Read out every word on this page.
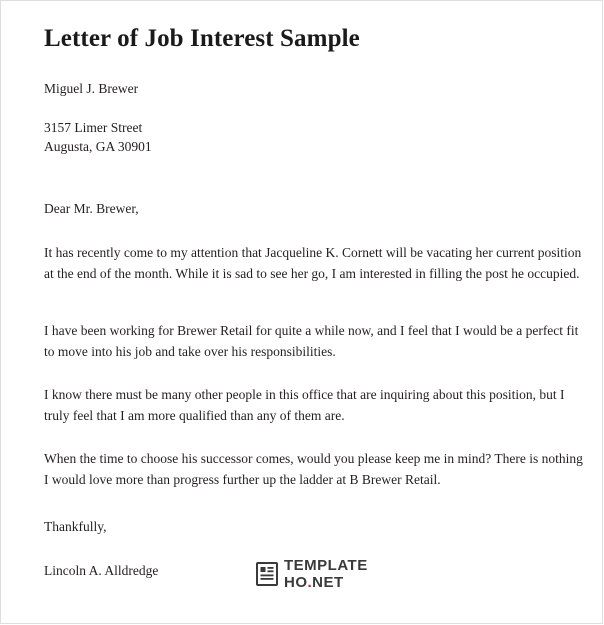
Letter of Job Interest Sample
Miguel J. Brewer
3157 Limer Street
Augusta, GA 30901
Dear Mr. Brewer,

It has recently come to my attention that Jacqueline K. Cornett will be vacating her current position at the end of the month. While it is sad to see her go, I am interested in filling the post he occupied.

I have been working for Brewer Retail for quite a while now, and I feel that I would be a perfect fit to move into his job and take over his responsibilities.

I know there must be many other people in this office that are inquiring about this position, but I truly feel that I am more qualified than any of them are.

When the time to choose his successor comes, would you please keep me in mind? There is nothing I would love more than progress further up the ladder at B Brewer Retail.

Thankfully,
Lincoln A. Alldredge	TEMPLATE
HO.NET
